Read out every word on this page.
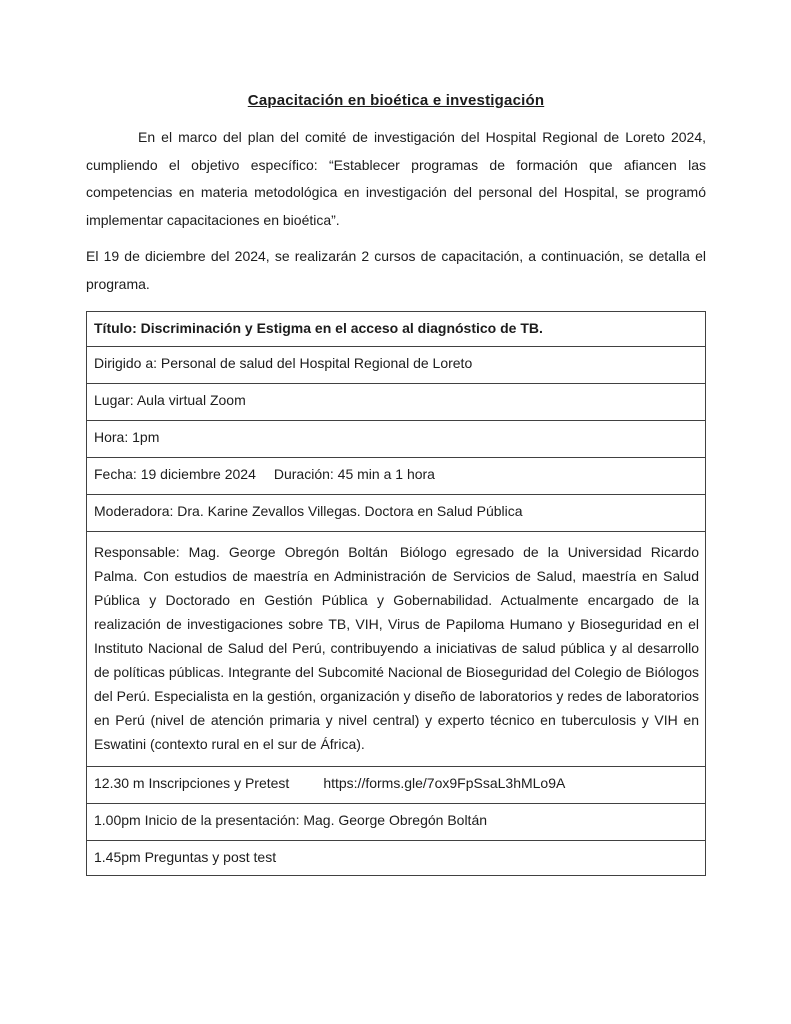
Capacitación en bioética e investigación

En el marco del plan del comité de investigación del Hospital Regional de Loreto 2024, cumpliendo el objetivo específico: “Establecer programas de formación que afiancen las competencias en materia metodológica en investigación del personal del Hospital, se programó implementar capacitaciones en bioética”.

El 19 de diciembre del 2024, se realizarán 2 cursos de capacitación, a continuación, se detalla el programa.

Título: Discriminación y Estigma en el acceso al diagnóstico de TB.
Dirigido a: Personal de salud del Hospital Regional de Loreto
Lugar: Aula virtual Zoom
Hora: 1pm
Fecha: 19 diciembre 2024 Duración: 45 min a 1 hora
Moderadora: Dra. Karine Zevallos Villegas. Doctora en Salud Pública
Responsable: Mag. George Obregón Boltán Biólogo egresado de la Universidad Ricardo Palma. Con estudios de maestría en Administración de Servicios de Salud, maestría en Salud Pública y Doctorado en Gestión Pública y Gobernabilidad. Actualmente encargado de la realización de investigaciones sobre TB, VIH, Virus de Papiloma Humano y Bioseguridad en el Instituto Nacional de Salud del Perú, contribuyendo a iniciativas de salud pública y al desarrollo de políticas públicas. Integrante del Subcomité Nacional de Bioseguridad del Colegio de Biólogos del Perú. Especialista en la gestión, organización y diseño de laboratorios y redes de laboratorios en Perú (nivel de atención primaria y nivel central) y experto técnico en tuberculosis y VIH en Eswatini (contexto rural en el sur de África).
12.30 m Inscripciones y Pretest https://forms.gle/7ox9FpSsaL3hMLo9A
1.00pm Inicio de la presentación: Mag. George Obregón Boltán
1.45pm Preguntas y post test
